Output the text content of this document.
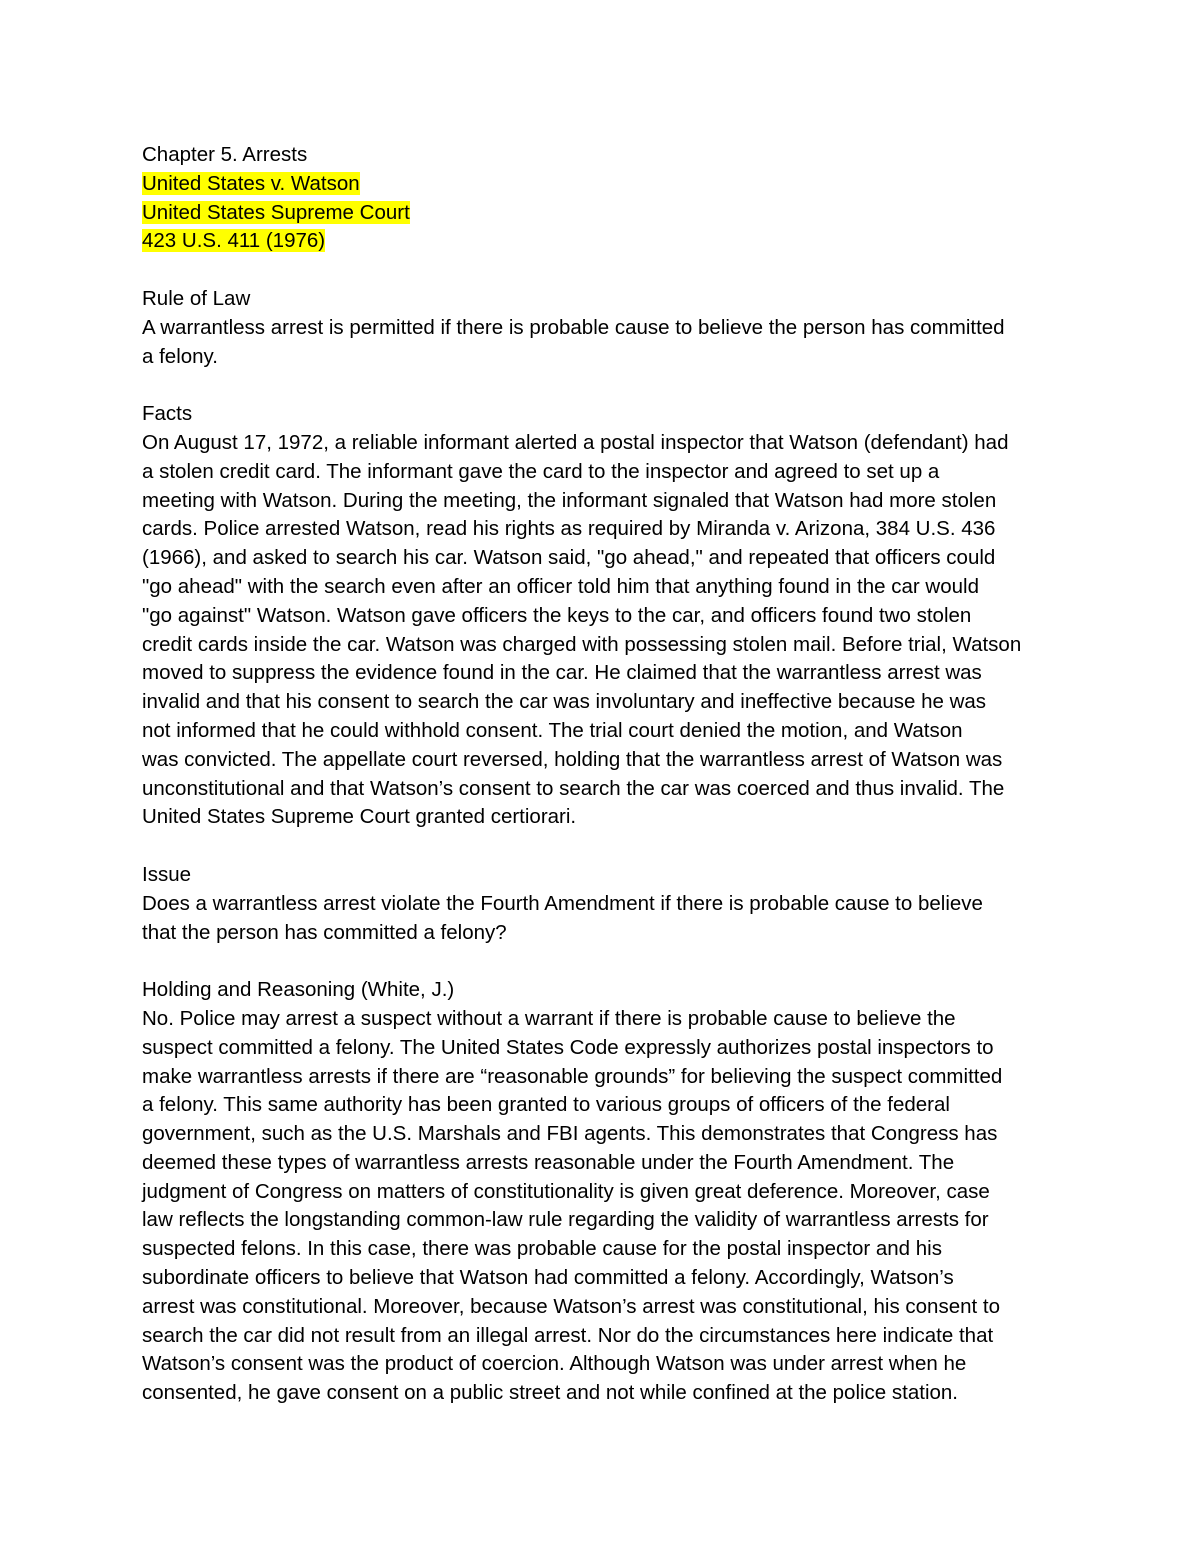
Chapter 5. Arrests
United States v. Watson
United States Supreme Court
423 U.S. 411 (1976)
Rule of Law
A warrantless arrest is permitted if there is probable cause to believe the person has committed
a felony.
Facts
On August 17, 1972, a reliable informant alerted a postal inspector that Watson (defendant) had
a stolen credit card. The informant gave the card to the inspector and agreed to set up a
meeting with Watson. During the meeting, the informant signaled that Watson had more stolen
cards. Police arrested Watson, read his rights as required by Miranda v. Arizona, 384 U.S. 436
(1966), and asked to search his car. Watson said, "go ahead," and repeated that officers could
"go ahead" with the search even after an officer told him that anything found in the car would
"go against" Watson. Watson gave officers the keys to the car, and officers found two stolen
credit cards inside the car. Watson was charged with possessing stolen mail. Before trial, Watson
moved to suppress the evidence found in the car. He claimed that the warrantless arrest was
invalid and that his consent to search the car was involuntary and ineffective because he was
not informed that he could withhold consent. The trial court denied the motion, and Watson
was convicted. The appellate court reversed, holding that the warrantless arrest of Watson was
unconstitutional and that Watson’s consent to search the car was coerced and thus invalid. The
United States Supreme Court granted certiorari.
Issue
Does a warrantless arrest violate the Fourth Amendment if there is probable cause to believe
that the person has committed a felony?
Holding and Reasoning (White, J.)
No. Police may arrest a suspect without a warrant if there is probable cause to believe the
suspect committed a felony. The United States Code expressly authorizes postal inspectors to
make warrantless arrests if there are “reasonable grounds” for believing the suspect committed
a felony. This same authority has been granted to various groups of officers of the federal
government, such as the U.S. Marshals and FBI agents. This demonstrates that Congress has
deemed these types of warrantless arrests reasonable under the Fourth Amendment. The
judgment of Congress on matters of constitutionality is given great deference. Moreover, case
law reflects the longstanding common-law rule regarding the validity of warrantless arrests for
suspected felons. In this case, there was probable cause for the postal inspector and his
subordinate officers to believe that Watson had committed a felony. Accordingly, Watson’s
arrest was constitutional. Moreover, because Watson’s arrest was constitutional, his consent to
search the car did not result from an illegal arrest. Nor do the circumstances here indicate that
Watson’s consent was the product of coercion. Although Watson was under arrest when he
consented, he gave consent on a public street and not while confined at the police station.
